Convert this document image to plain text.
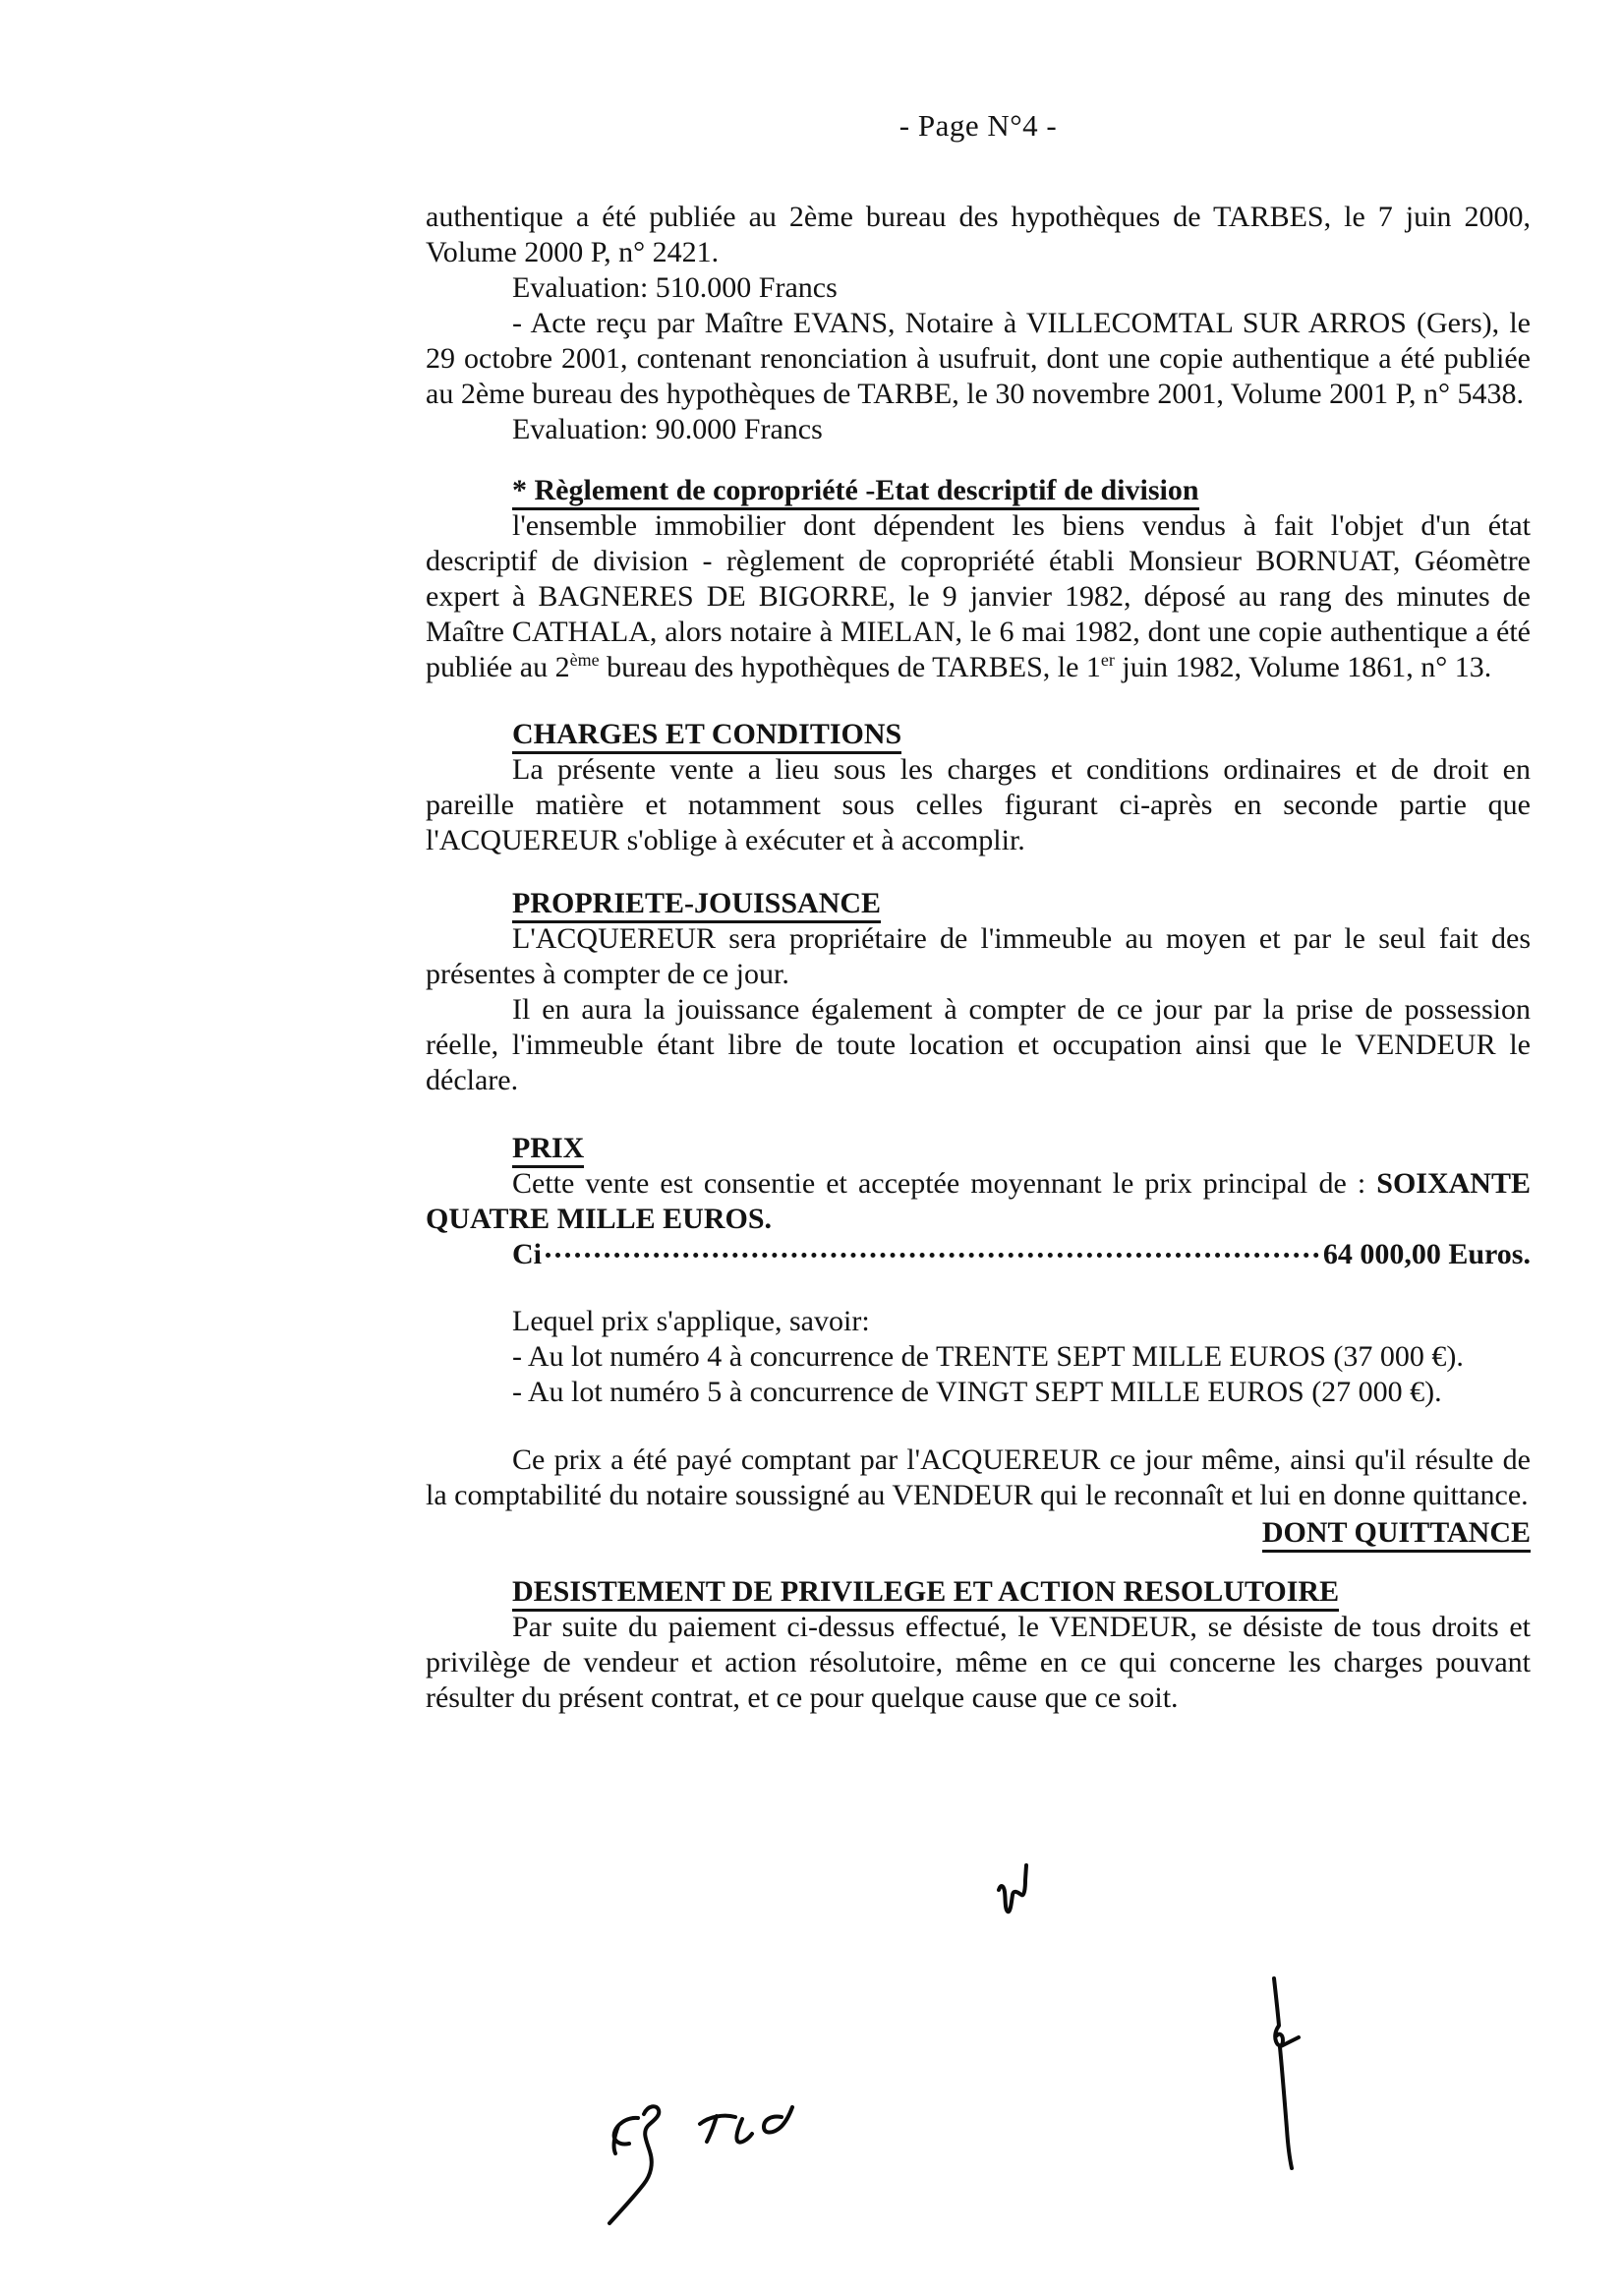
- Page N°4 -

authentique a été publiée au 2ème bureau des hypothèques de TARBES, le 7 juin 2000, Volume 2000 P, n° 2421.

Evaluation: 510.000 Francs

- Acte reçu par Maître EVANS, Notaire à VILLECOMTAL SUR ARROS (Gers), le 29 octobre 2001, contenant renonciation à usufruit, dont une copie authentique a été publiée au 2ème bureau des hypothèques de TARBE, le 30 novembre 2001, Volume 2001 P, n° 5438.

Evaluation: 90.000 Francs

* Règlement de copropriété -Etat descriptif de division

l'ensemble immobilier dont dépendent les biens vendus à fait l'objet d'un état descriptif de division - règlement de copropriété établi Monsieur BORNUAT, Géomètre expert à BAGNERES DE BIGORRE, le 9 janvier 1982, déposé au rang des minutes de Maître CATHALA, alors notaire à MIELAN, le 6 mai 1982, dont une copie authentique a été publiée au 2ème bureau des hypothèques de TARBES, le 1er juin 1982, Volume 1861, n° 13.

CHARGES ET CONDITIONS

La présente vente a lieu sous les charges et conditions ordinaires et de droit en pareille matière et notamment sous celles figurant ci-après en seconde partie que l'ACQUEREUR s'oblige à exécuter et à accomplir.

PROPRIETE-JOUISSANCE

L'ACQUEREUR sera propriétaire de l'immeuble au moyen et par le seul fait des présentes à compter de ce jour.

Il en aura la jouissance également à compter de ce jour par la prise de possession réelle, l'immeuble étant libre de toute location et occupation ainsi que le VENDEUR le déclare.

PRIX

Cette vente est consentie et acceptée moyennant le prix principal de : SOIXANTE QUATRE MILLE EUROS.

Ci	64 000,00 Euros.

Lequel prix s'applique, savoir:

- Au lot numéro 4 à concurrence de TRENTE SEPT MILLE EUROS (37 000 €).

- Au lot numéro 5 à concurrence de VINGT SEPT MILLE EUROS (27 000 €).

Ce prix a été payé comptant par l'ACQUEREUR ce jour même, ainsi qu'il résulte de la comptabilité du notaire soussigné au VENDEUR qui le reconnaît et lui en donne quittance.

DONT QUITTANCE

DESISTEMENT DE PRIVILEGE ET ACTION RESOLUTOIRE

Par suite du paiement ci-dessus effectué, le VENDEUR, se désiste de tous droits et privilège de vendeur et action résolutoire, même en ce qui concerne les charges pouvant résulter du présent contrat, et ce pour quelque cause que ce soit.
